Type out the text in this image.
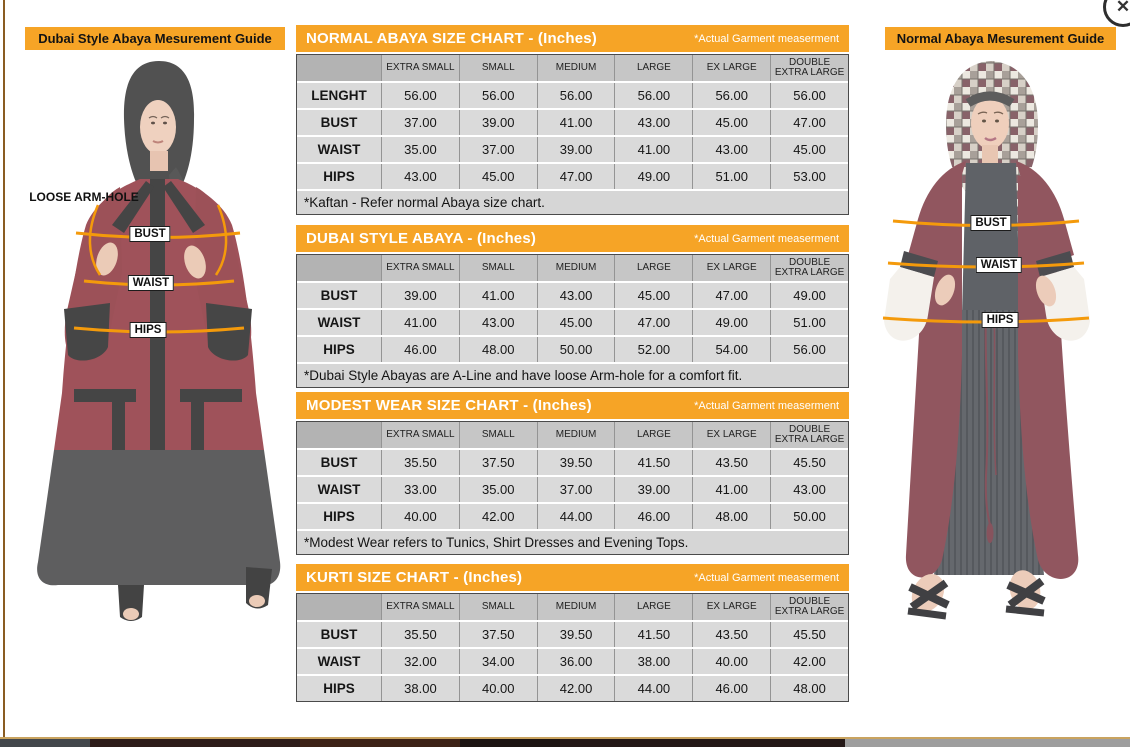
✕
Dubai Style Abaya Mesurement Guide	Normal Abaya Mesurement Guide
LOOSE ARM-HOLE
BUST
WAIST
HIPS
BUST
WAIST
HIPS
NORMAL ABAYA SIZE CHART - (Inches)	*Actual Garment measerment
EXTRA SMALL	SMALL	MEDIUM	LARGE	EX LARGE	DOUBLE EXTRA LARGE
LENGHT	56.00	56.00	56.00	56.00	56.00	56.00
BUST	37.00	39.00	41.00	43.00	45.00	47.00
WAIST	35.00	37.00	39.00	41.00	43.00	45.00
HIPS	43.00	45.00	47.00	49.00	51.00	53.00
*Kaftan - Refer normal Abaya size chart.
DUBAI STYLE ABAYA - (Inches)	*Actual Garment measerment
EXTRA SMALL	SMALL	MEDIUM	LARGE	EX LARGE	DOUBLE EXTRA LARGE
BUST	39.00	41.00	43.00	45.00	47.00	49.00
WAIST	41.00	43.00	45.00	47.00	49.00	51.00
HIPS	46.00	48.00	50.00	52.00	54.00	56.00
*Dubai Style Abayas are A-Line and have loose Arm-hole for a comfort fit.
MODEST WEAR SIZE CHART - (Inches)	*Actual Garment measerment
EXTRA SMALL	SMALL	MEDIUM	LARGE	EX LARGE	DOUBLE EXTRA LARGE
BUST	35.50	37.50	39.50	41.50	43.50	45.50
WAIST	33.00	35.00	37.00	39.00	41.00	43.00
HIPS	40.00	42.00	44.00	46.00	48.00	50.00
*Modest Wear refers to Tunics, Shirt Dresses and Evening Tops.
KURTI SIZE CHART - (Inches)	*Actual Garment measerment
EXTRA SMALL	SMALL	MEDIUM	LARGE	EX LARGE	DOUBLE EXTRA LARGE
BUST	35.50	37.50	39.50	41.50	43.50	45.50
WAIST	32.00	34.00	36.00	38.00	40.00	42.00
HIPS	38.00	40.00	42.00	44.00	46.00	48.00
